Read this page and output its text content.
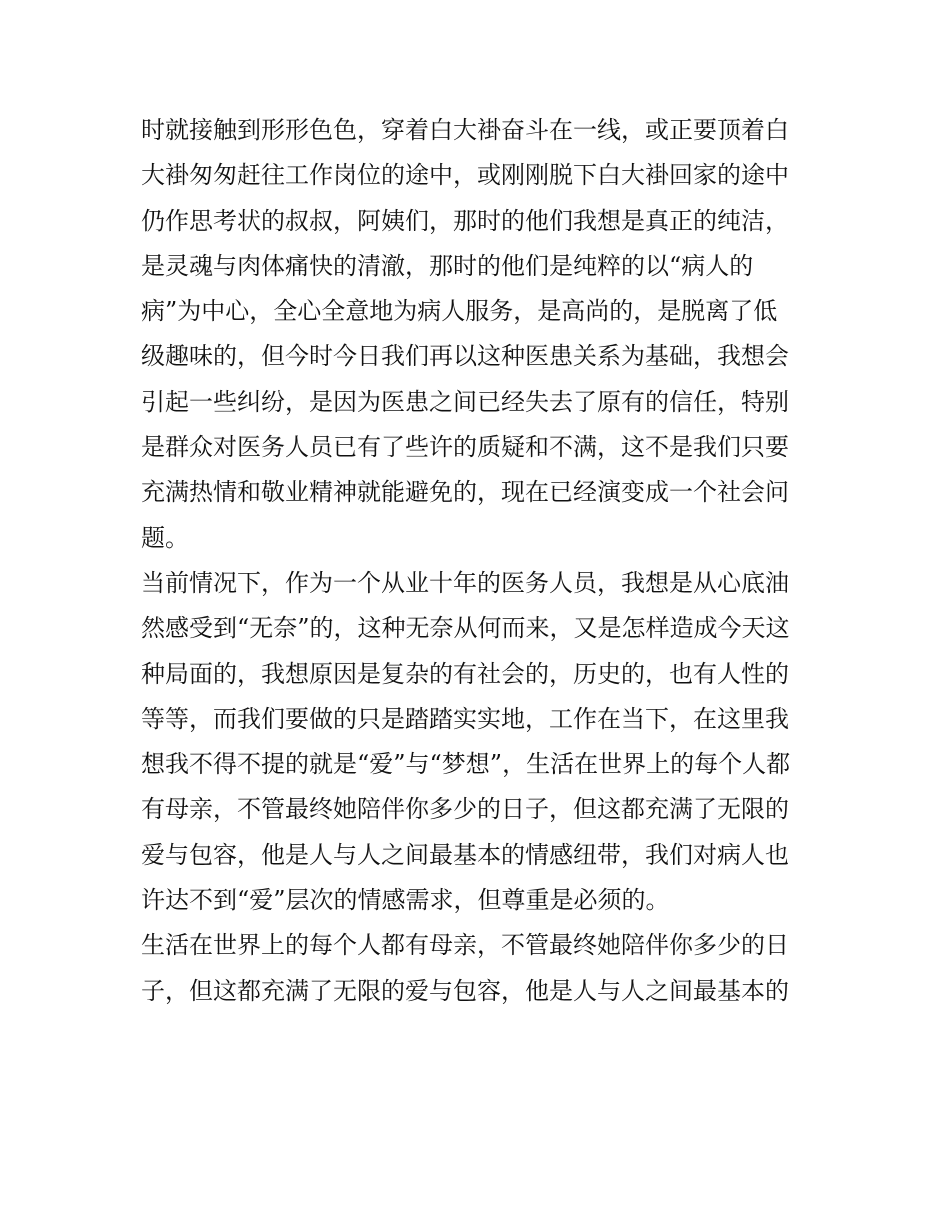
时就接触到形形色色，穿着白大褂奋斗在一线，或正要顶着白
大褂匆匆赶往工作岗位的途中，或刚刚脱下白大褂回家的途中
仍作思考状的叔叔，阿姨们，那时的他们我想是真正的纯洁，
是灵魂与肉体痛快的清澈，那时的他们是纯粹的以“病人的
病”为中心，全心全意地为病人服务，是高尚的，是脱离了低
级趣味的，但今时今日我们再以这种医患关系为基础，我想会
引起一些纠纷，是因为医患之间已经失去了原有的信任，特别
是群众对医务人员已有了些许的质疑和不满，这不是我们只要
充满热情和敬业精神就能避免的，现在已经演变成一个社会问
题。
当前情况下，作为一个从业十年的医务人员，我想是从心底油
然感受到“无奈”的，这种无奈从何而来，又是怎样造成今天这
种局面的，我想原因是复杂的有社会的，历史的，也有人性的
等等，而我们要做的只是踏踏实实地，工作在当下，在这里我
想我不得不提的就是“爱”与“梦想”，生活在世界上的每个人都
有母亲，不管最终她陪伴你多少的日子，但这都充满了无限的
爱与包容，他是人与人之间最基本的情感纽带，我们对病人也
许达不到“爱”层次的情感需求，但尊重是必须的。
生活在世界上的每个人都有母亲，不管最终她陪伴你多少的日
子，但这都充满了无限的爱与包容，他是人与人之间最基本的
